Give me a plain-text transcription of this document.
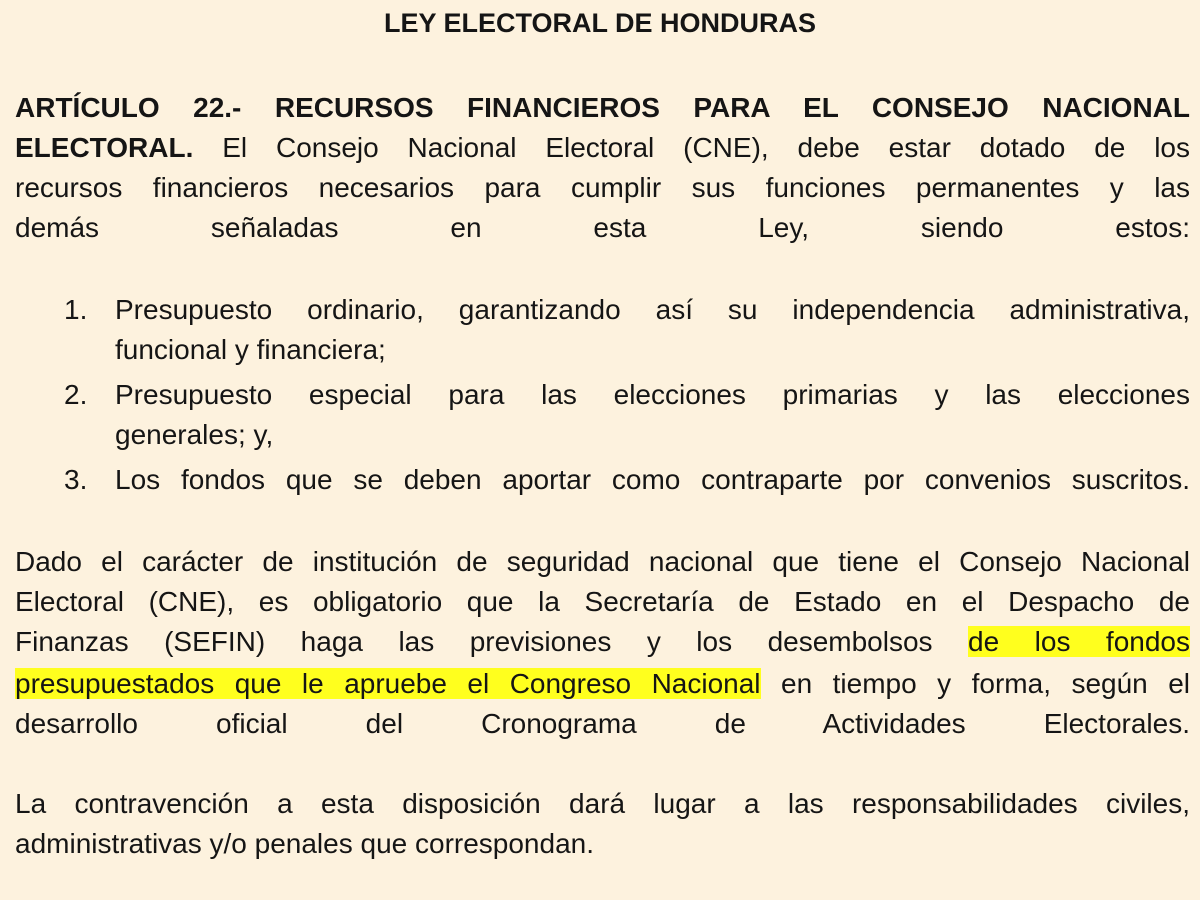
LEY ELECTORAL DE HONDURAS
ARTÍCULO 22.- RECURSOS FINANCIEROS PARA EL CONSEJO NACIONAL
ELECTORAL. El Consejo Nacional Electoral (CNE), debe estar dotado de los
recursos financieros necesarios para cumplir sus funciones permanentes y las
demás señaladas en esta Ley, siendo estos:
1. Presupuesto ordinario, garantizando así su independencia administrativa,
funcional y financiera;
2. Presupuesto especial para las elecciones primarias y las elecciones
generales; y,
3. Los fondos que se deben aportar como contraparte por convenios suscritos.
Dado el carácter de institución de seguridad nacional que tiene el Consejo Nacional
Electoral (CNE), es obligatorio que la Secretaría de Estado en el Despacho de
Finanzas (SEFIN) haga las previsiones y los desembolsos de los fondos
presupuestados que le apruebe el Congreso Nacional en tiempo y forma, según el
desarrollo oficial del Cronograma de Actividades Electorales.
La contravención a esta disposición dará lugar a las responsabilidades civiles,
administrativas y/o penales que correspondan.
